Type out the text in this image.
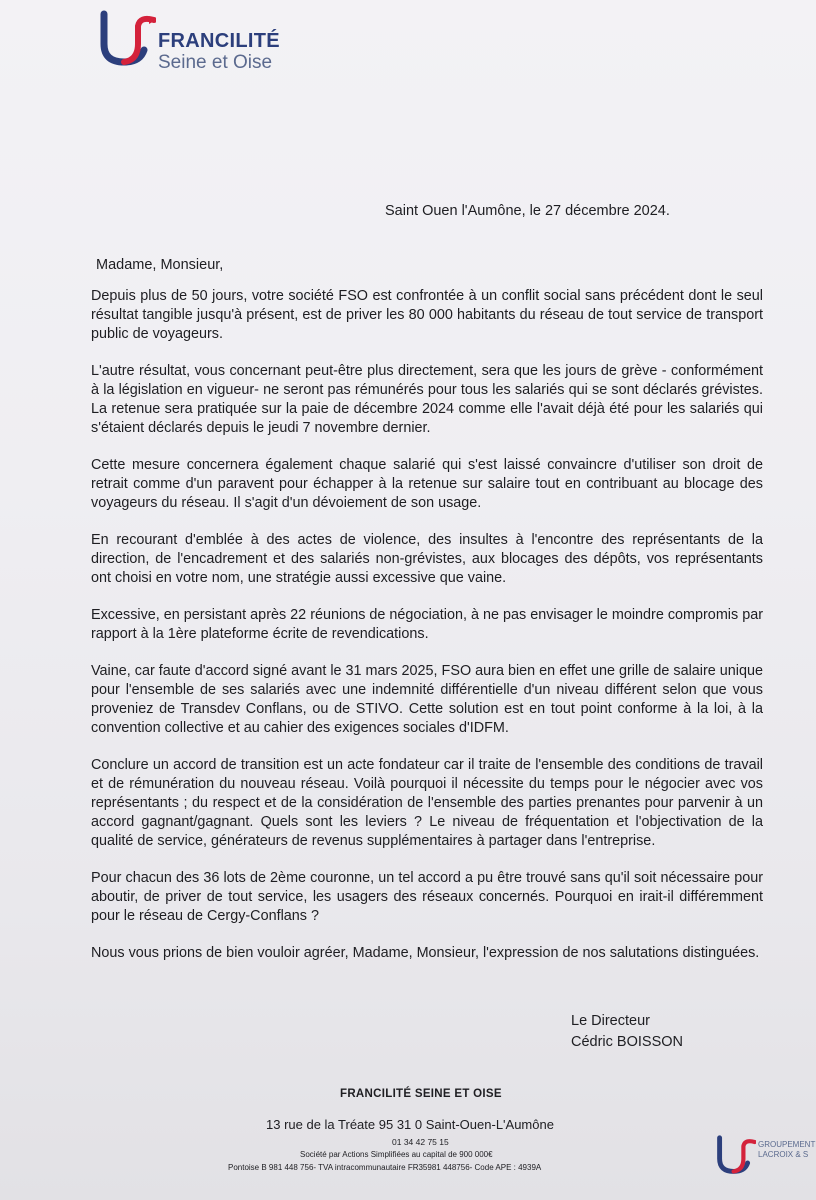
FRANCILITÉ
Seine et Oise
Saint Ouen l'Aumône, le 27 décembre 2024.
Madame, Monsieur,

Depuis plus de 50 jours, votre société FSO est confrontée à un conflit social sans précédent dont le seul résultat tangible jusqu'à présent, est de priver les 80 000 habitants du réseau de tout service de transport public de voyageurs.

L'autre résultat, vous concernant peut-être plus directement, sera que les jours de grève - conformément à la législation en vigueur- ne seront pas rémunérés pour tous les salariés qui se sont déclarés grévistes. La retenue sera pratiquée sur la paie de décembre 2024 comme elle l'avait déjà été pour les salariés qui s'étaient déclarés depuis le jeudi 7 novembre dernier.

Cette mesure concernera également chaque salarié qui s'est laissé convaincre d'utiliser son droit de retrait comme d'un paravent pour échapper à la retenue sur salaire tout en contribuant au blocage des voyageurs du réseau. Il s'agit d'un dévoiement de son usage.

En recourant d'emblée à des actes de violence, des insultes à l'encontre des représentants de la direction, de l'encadrement et des salariés non-grévistes, aux blocages des dépôts, vos représentants ont choisi en votre nom, une stratégie aussi excessive que vaine.

Excessive, en persistant après 22 réunions de négociation, à ne pas envisager le moindre compromis par rapport à la 1ère plateforme écrite de revendications.

Vaine, car faute d'accord signé avant le 31 mars 2025, FSO aura bien en effet une grille de salaire unique pour l'ensemble de ses salariés avec une indemnité différentielle d'un niveau différent selon que vous proveniez de Transdev Conflans, ou de STIVO. Cette solution est en tout point conforme à la loi, à la convention collective et au cahier des exigences sociales d'IDFM.

Conclure un accord de transition est un acte fondateur car il traite de l'ensemble des conditions de travail et de rémunération du nouveau réseau. Voilà pourquoi il nécessite du temps pour le négocier avec vos représentants ; du respect et de la considération de l'ensemble des parties prenantes pour parvenir à un accord gagnant/gagnant. Quels sont les leviers ? Le niveau de fréquentation et l'objectivation de la qualité de service, générateurs de revenus supplémentaires à partager dans l'entreprise.

Pour chacun des 36 lots de 2ème couronne, un tel accord a pu être trouvé sans qu'il soit nécessaire pour aboutir, de priver de tout service, les usagers des réseaux concernés. Pourquoi en irait-il différemment pour le réseau de Cergy-Conflans ?

Nous vous prions de bien vouloir agréer, Madame, Monsieur, l'expression de nos salutations distinguées.

Le Directeur
Cédric BOISSON
FRANCILITÉ SEINE ET OISE
13 rue de la Tréate 95 31 0 Saint-Ouen-L'Aumône
01 34 42 75 15
Société par Actions Simplifiées au capital de 900 000€
Pontoise B 981 448 756- TVA intracommunautaire FR35981 448756- Code APE : 4939A
GROUPEMENT
LACROIX & S
